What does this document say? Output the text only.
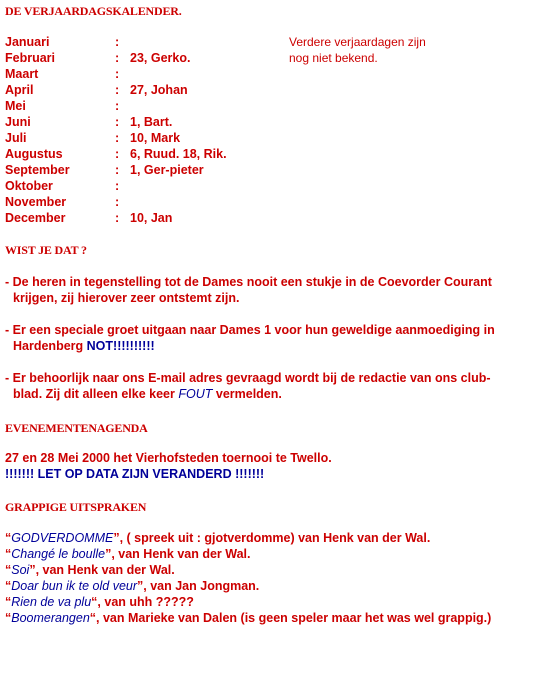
DE VERJAARDAGSKALENDER.
Januari	:
Februari	: 23, Gerko.
Maart	:
April	: 27, Johan
Mei	:
Juni	: 1, Bart.
Juli	: 10, Mark
Augustus	: 6, Ruud. 18, Rik.
September	: 1, Ger-pieter
Oktober	:
November	:
December	: 10, Jan
Verdere verjaardagen zijn
nog niet bekend.
WIST JE DAT ?
- De heren in tegenstelling tot de Dames nooit een stukje in de Coevorder Courant
krijgen, zij hierover zeer ontstemt zijn.
- Er een speciale groet uitgaan naar Dames 1 voor hun geweldige aanmoediging in
Hardenberg NOT!!!!!!!!!!
- Er behoorlijk naar ons E-mail adres gevraagd wordt bij de redactie van ons club-
blad. Zij dit alleen elke keer FOUT vermelden.
EVENEMENTENAGENDA
27 en 28 Mei 2000 het Vierhofsteden toernooi te Twello.
!!!!!!! LET OP DATA ZIJN VERANDERD !!!!!!!
GRAPPIGE UITSPRAKEN
“GODVERDOMME”, ( spreek uit : gjotverdomme) van Henk van der Wal.
“Changé le boulle”, van Henk van der Wal.
“Soi”, van Henk van der Wal.
“Doar bun ik te old veur”, van Jan Jongman.
“Rien de va plu“, van uhh ?????
“Boomerangen“, van Marieke van Dalen (is geen speler maar het was wel grappig.)
